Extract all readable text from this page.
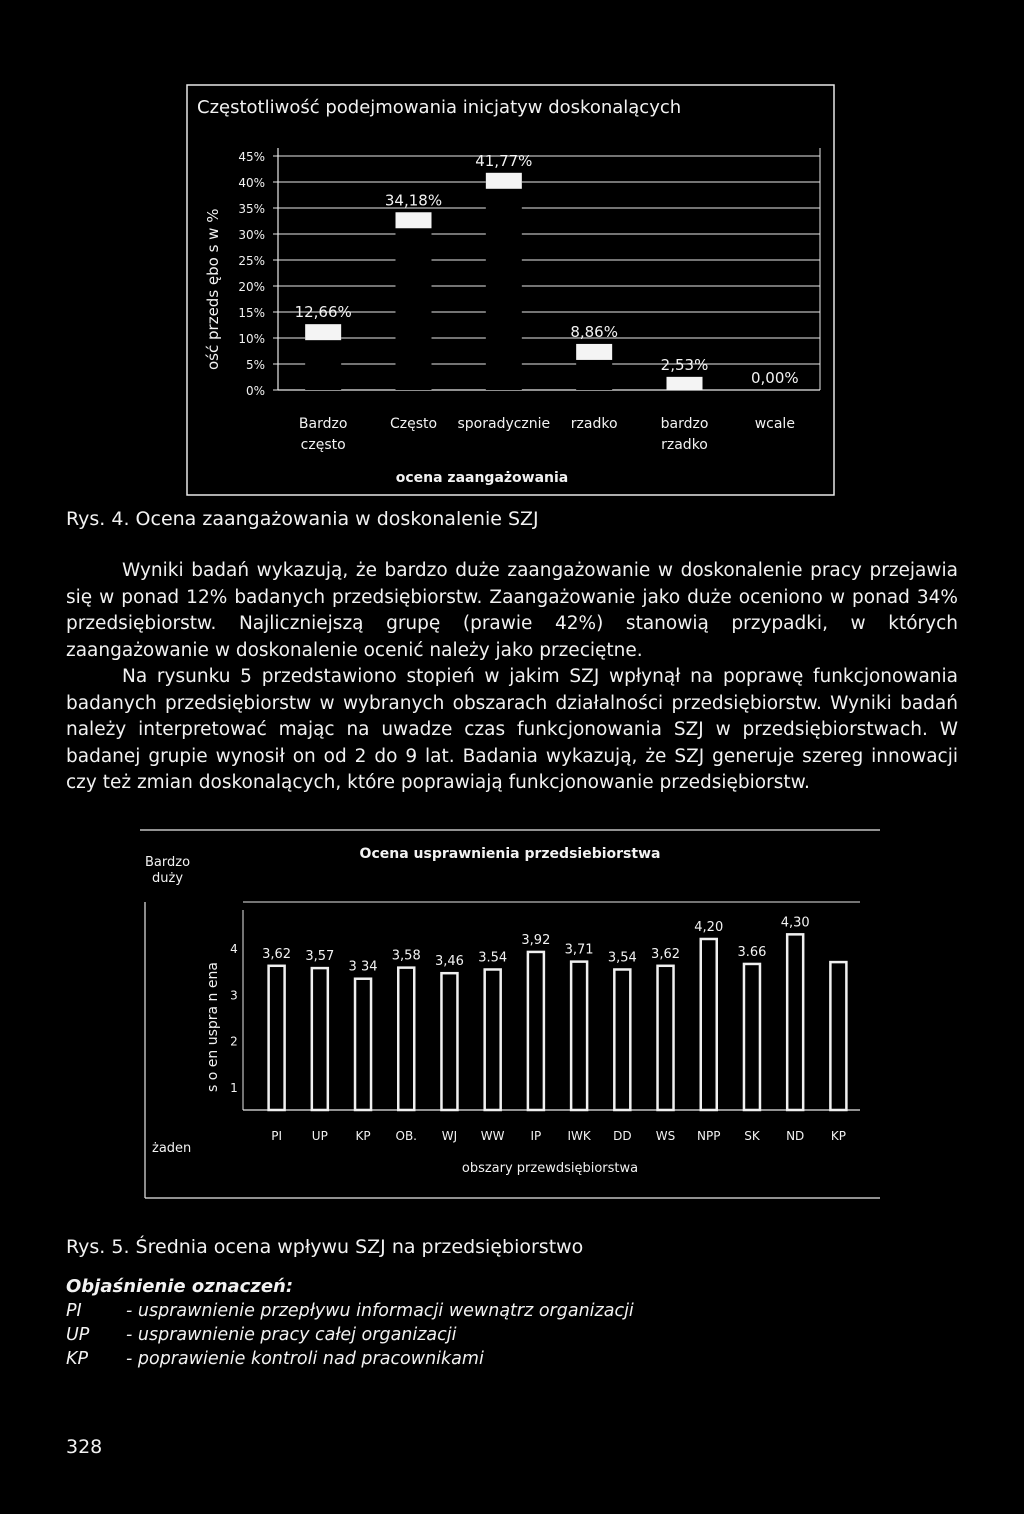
Częstotliwość podejmowania inicjatyw doskonalących
ość przeds ębo s w %
0%
5%
10%
15%
20%
25%
30%
35%
40%
45%
12,66%
Bardzo
często
34,18%
Często
41,77%
sporadycznie
8,86%
rzadko
2,53%
bardzo
rzadko
0,00%
wcale
ocena zaangażowania
Rys. 4. Ocena zaangażowania w doskonalenie SZJ

Wyniki badań wykazują, że bardzo duże zaangażowanie w doskonalenie pracy przejawia się w ponad 12% badanych przedsiębiorstw. Zaangażowanie jako duże oceniono w ponad 34% przedsiębiorstw. Najliczniejszą grupę (prawie 42%) stanowią przypadki, w których zaangażowanie w doskonalenie ocenić należy jako przeciętne.

Na rysunku 5 przedstawiono stopień w jakim SZJ wpłynął na poprawę funkcjonowania badanych przedsiębiorstw w wybranych obszarach działalności przedsiębiorstw. Wyniki badań należy interpretować mając na uwadze czas funkcjonowania SZJ w przedsiębiorstwach. W badanej grupie wynosił on od 2 do 9 lat. Badania wykazują, że SZJ generuje szereg innowacji czy też zmian doskonalących, które poprawiają funkcjonowanie przedsiębiorstw.

Bardzo
duży
żaden
Ocena usprawnienia przedsiebiorstwa
s o en uspra n ena 1
2
3
4 3,62
PI
3,57
UP
3 34
KP
3,58
OB.
3,46
WJ
3.54
WW
3,92
IP
3,71
IWK
3,54
DD
3,62
WS
4,20
NPP
3.66
SK
4,30
ND KP
obszary przewdsiębiorstwa
Rys. 5. Średnia ocena wpływu SZJ na przedsiębiorstwo
Objaśnienie oznaczeń:
PI	- usprawnienie przepływu informacji wewnątrz organizacji
UP - usprawnienie pracy całej organizacji
KP - poprawienie kontroli nad pracownikami
328
